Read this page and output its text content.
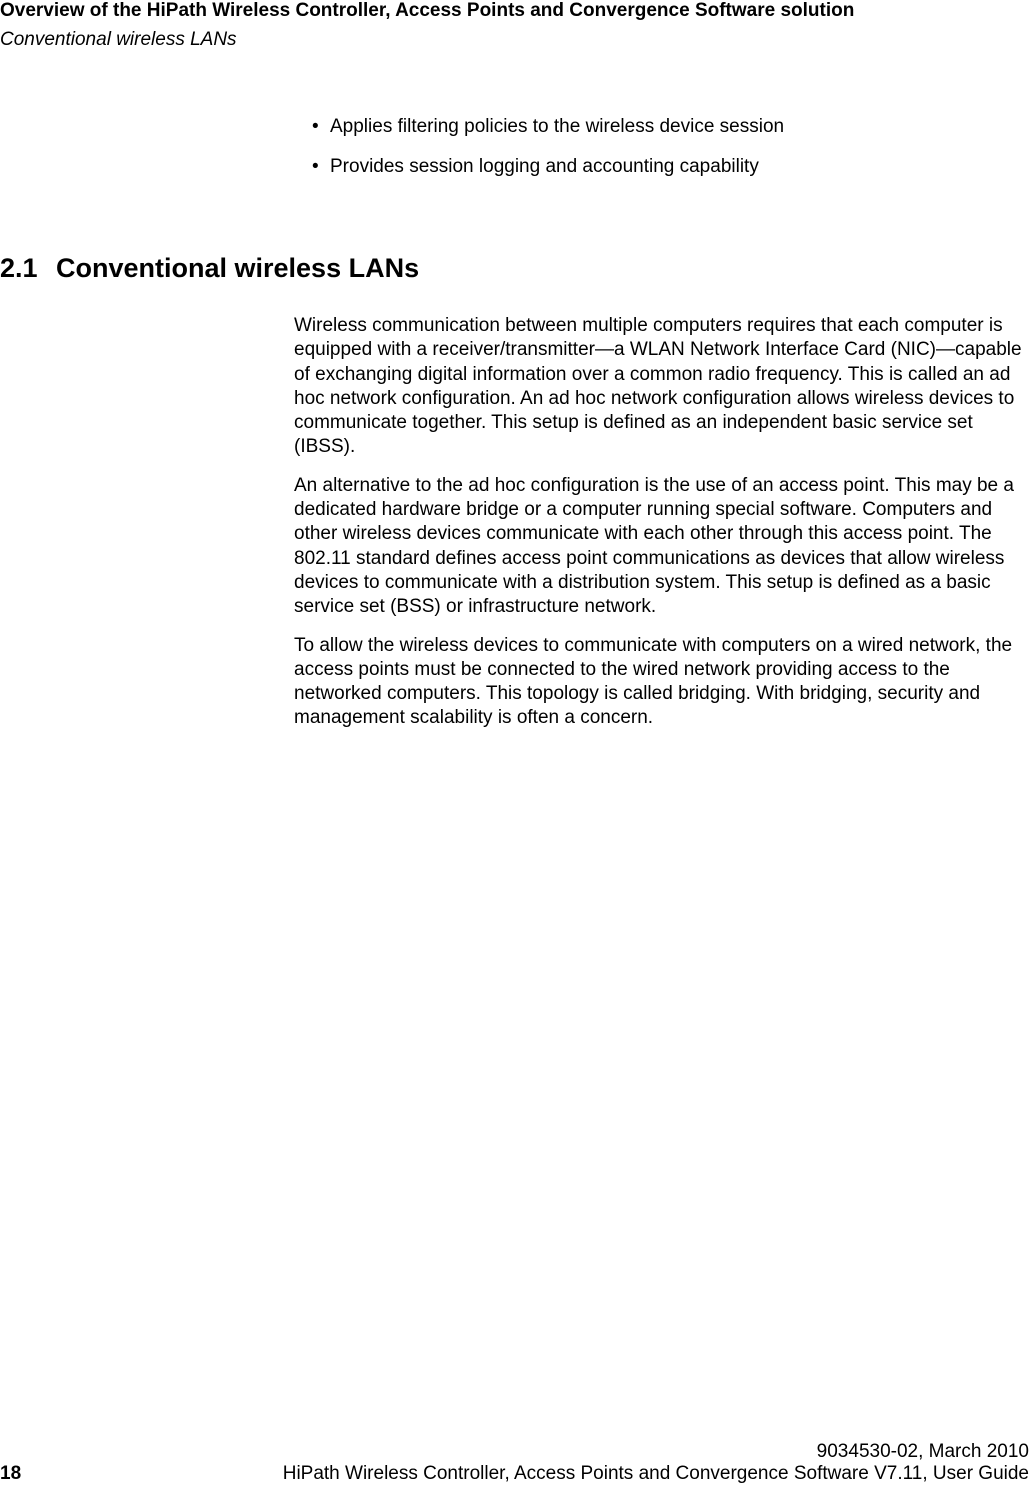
Overview of the HiPath Wireless Controller, Access Points and Convergence Software solution
Conventional wireless LANs
• Applies filtering policies to the wireless device session
• Provides session logging and accounting capability
2.1 Conventional wireless LANs

Wireless communication between multiple computers requires that each computer is equipped with a receiver/transmitter—a WLAN Network Interface Card (NIC)—capable of exchanging digital information over a common radio frequency. This is called an ad hoc network configuration. An ad hoc network configuration allows wireless devices to communicate together. This setup is defined as an independent basic service set (IBSS).

An alternative to the ad hoc configuration is the use of an access point. This may be a dedicated hardware bridge or a computer running special software. Computers and other wireless devices communicate with each other through this access point. The 802.11 standard defines access point communications as devices that allow wireless devices to communicate with a distribution system. This setup is defined as a basic service set (BSS) or infrastructure network.

To allow the wireless devices to communicate with computers on a wired network, the access points must be connected to the wired network providing access to the networked computers. This topology is called bridging. With bridging, security and management scalability is often a concern.

9034530-02, March 2010
18	HiPath Wireless Controller, Access Points and Convergence Software V7.11, User Guide
